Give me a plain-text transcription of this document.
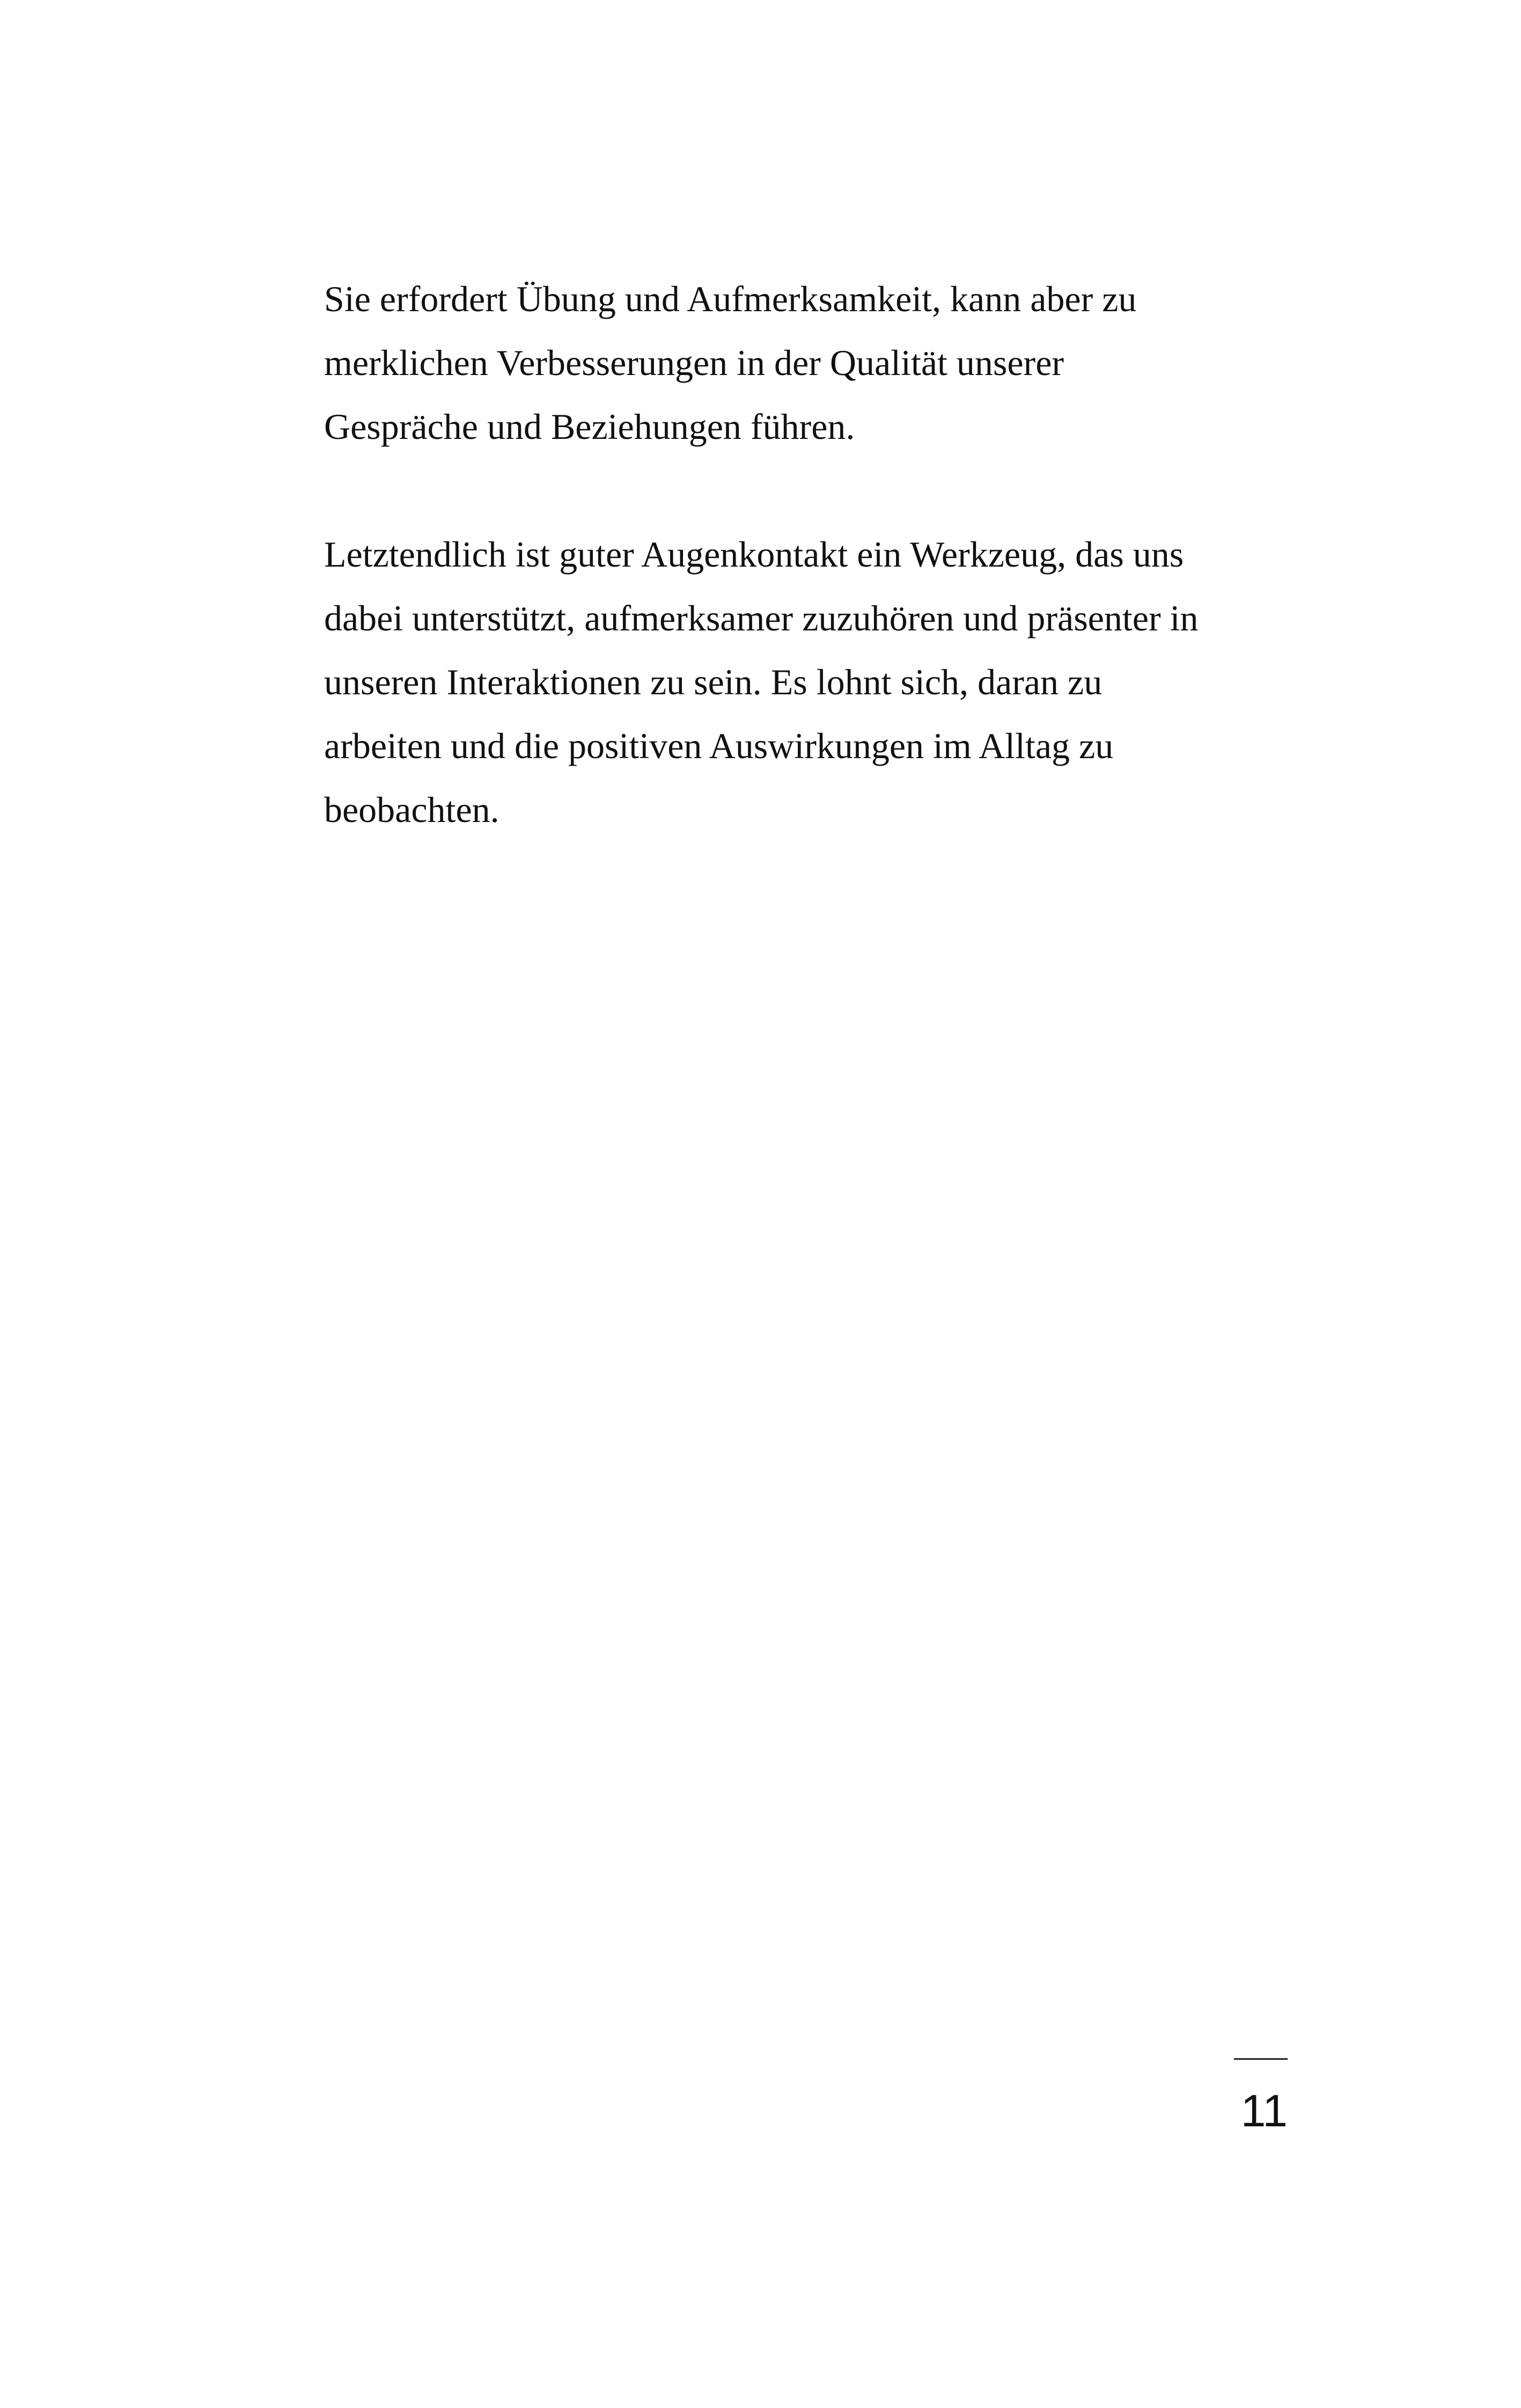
Sie erfordert Übung und Aufmerksamkeit, kann aber zu
merklichen Verbesserungen in der Qualität unserer
Gespräche und Beziehungen führen.

Letztendlich ist guter Augenkontakt ein Werkzeug, das uns
dabei unterstützt, aufmerksamer zuzuhören und präsenter in
unseren Interaktionen zu sein. Es lohnt sich, daran zu
arbeiten und die positiven Auswirkungen im Alltag zu
beobachten.

11
